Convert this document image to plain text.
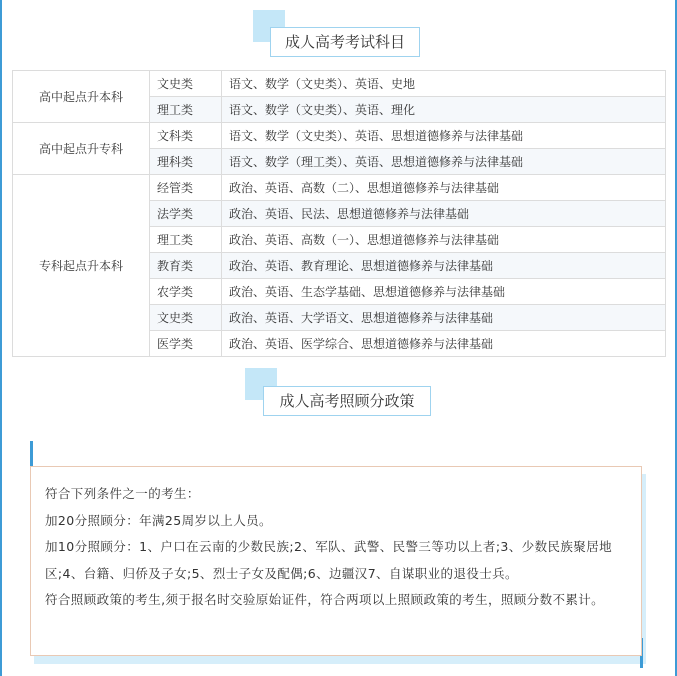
成人高考考试科目
高中起点升本科	文史类	语文、数学（文史类）、英语、史地
	理工类	语文、数学（文史类）、英语、理化
高中起点升专科	文科类	语文、数学（文史类）、英语、思想道德修养与法律基础
	理科类	语文、数学（理工类）、英语、思想道德修养与法律基础
专科起点升本科	经管类	政治、英语、高数（二）、思想道德修养与法律基础
	法学类	政治、英语、民法、思想道德修养与法律基础
	理工类	政治、英语、高数（一）、思想道德修养与法律基础
	教育类	政治、英语、教育理论、思想道德修养与法律基础
	农学类	政治、英语、生态学基础、思想道德修养与法律基础
	文史类	政治、英语、大学语文、思想道德修养与法律基础
	医学类	政治、英语、医学综合、思想道德修养与法律基础
成人高考照顾分政策

符合下列条件之一的考生：

加20分照顾分：年满25周岁以上人员。

加10分照顾分：1、户口在云南的少数民族;2、军队、武警、民警三等功以上者;3、少数民族聚居地区;4、台籍、归侨及子女;5、烈士子女及配偶;6、边疆汉7、自谋职业的退役士兵。

符合照顾政策的考生,须于报名时交验原始证件，符合两项以上照顾政策的考生，照顾分数不累计。
